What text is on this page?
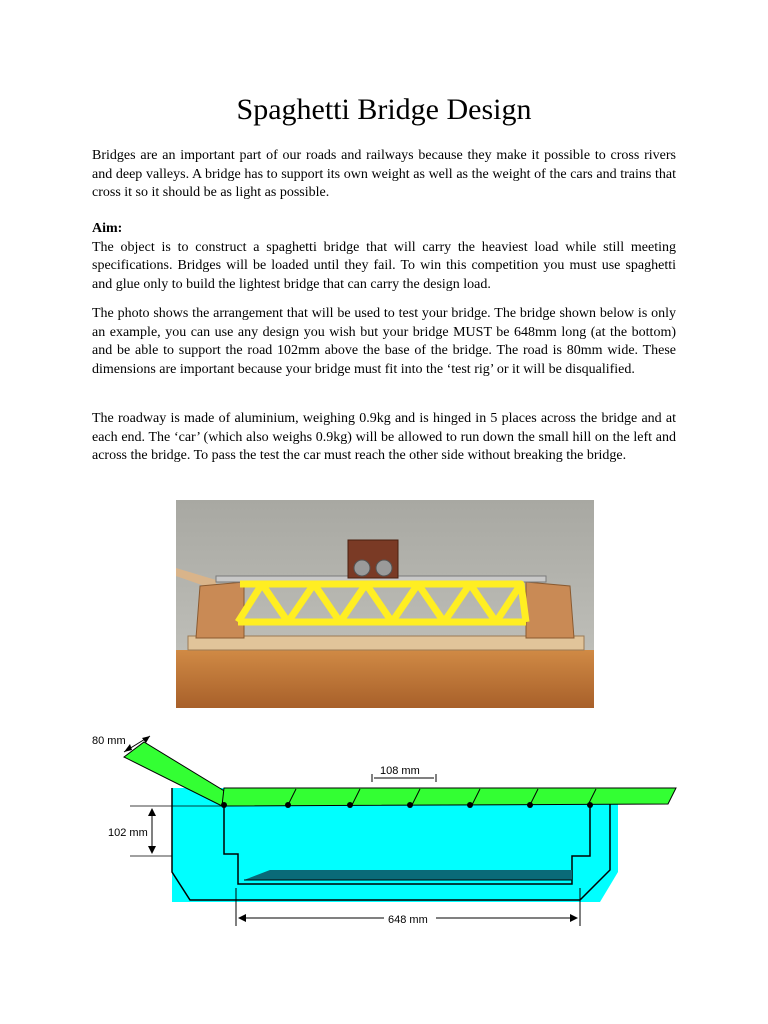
Spaghetti Bridge Design

Bridges are an important part of our roads and railways because they make it possible to cross rivers and deep valleys. A bridge has to support its own weight as well as the weight of the cars and trains that cross it so it should be as light as possible.

Aim:
The object is to construct a spaghetti bridge that will carry the heaviest load while still meeting specifications. Bridges will be loaded until they fail. To win this competition you must use spaghetti and glue only to build the lightest bridge that can carry the design load.

The photo shows the arrangement that will be used to test your bridge. The bridge shown below is only an example, you can use any design you wish but your bridge MUST be 648mm long (at the bottom) and be able to support the road 102mm above the base of the bridge. The road is 80mm wide. These dimensions are important because your bridge must fit into the ‘test rig’ or it will be disqualified.

The roadway is made of aluminium, weighing 0.9kg and is hinged in 5 places across the bridge and at each end. The ‘car’ (which also weighs 0.9kg) will be allowed to run down the small hill on the left and across the bridge. To pass the test the car must reach the other side without breaking the bridge.

80 mm
108 mm
102 mm
648 mm
